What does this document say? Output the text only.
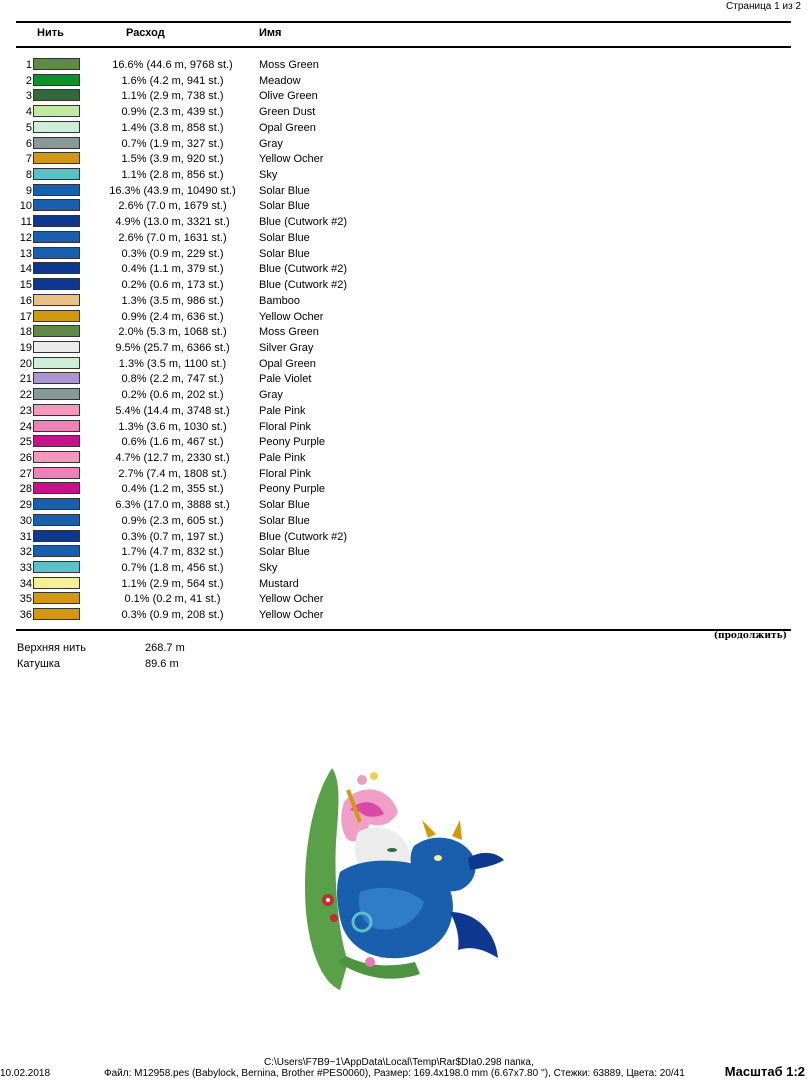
Страница 1 из 2
Нить	Расход	Имя
1	16.6% (44.6 m, 9768 st.)	Moss Green
2	1.6% (4.2 m, 941 st.)	Meadow
3	1.1% (2.9 m, 738 st.)	Olive Green
4	0.9% (2.3 m, 439 st.)	Green Dust
5	1.4% (3.8 m, 858 st.)	Opal Green
6	0.7% (1.9 m, 327 st.)	Gray
7	1.5% (3.9 m, 920 st.)	Yellow Ocher
8	1.1% (2.8 m, 856 st.)	Sky
9	16.3% (43.9 m, 10490 st.)	Solar Blue
10	2.6% (7.0 m, 1679 st.)	Solar Blue
11	4.9% (13.0 m, 3321 st.)	Blue (Cutwork #2)
12	2.6% (7.0 m, 1631 st.)	Solar Blue
13	0.3% (0.9 m, 229 st.)	Solar Blue
14	0.4% (1.1 m, 379 st.)	Blue (Cutwork #2)
15	0.2% (0.6 m, 173 st.)	Blue (Cutwork #2)
16	1.3% (3.5 m, 986 st.)	Bamboo
17	0.9% (2.4 m, 636 st.)	Yellow Ocher
18	2.0% (5.3 m, 1068 st.)	Moss Green
19	9.5% (25.7 m, 6366 st.)	Silver Gray
20	1.3% (3.5 m, 1100 st.)	Opal Green
21	0.8% (2.2 m, 747 st.)	Pale Violet
22	0.2% (0.6 m, 202 st.)	Gray
23	5.4% (14.4 m, 3748 st.)	Pale Pink
24	1.3% (3.6 m, 1030 st.)	Floral Pink
25	0.6% (1.6 m, 467 st.)	Peony Purple
26	4.7% (12.7 m, 2330 st.)	Pale Pink
27	2.7% (7.4 m, 1808 st.)	Floral Pink
28	0.4% (1.2 m, 355 st.)	Peony Purple
29	6.3% (17.0 m, 3888 st.)	Solar Blue
30	0.9% (2.3 m, 605 st.)	Solar Blue
31	0.3% (0.7 m, 197 st.)	Blue (Cutwork #2)
32	1.7% (4.7 m, 832 st.)	Solar Blue
33	0.7% (1.8 m, 456 st.)	Sky
34	1.1% (2.9 m, 564 st.)	Mustard
35	0.1% (0.2 m, 41 st.)	Yellow Ocher
36	0.3% (0.9 m, 208 st.)	Yellow Ocher
(продолжить)
Верхняя нить	268.7 m
Катушка	89.6 m
C:\Users\F7B9~1\AppData\Local\Temp\Rar$DIa0.298 папка,
10.02.2018	Файл: M12958.pes (Babylock, Bernina, Brother #PES0060), Размер: 169.4x198.0 mm (6.67x7.80 ''), Стежки: 63889, Цвета: 20/41	Масштаб 1:2
